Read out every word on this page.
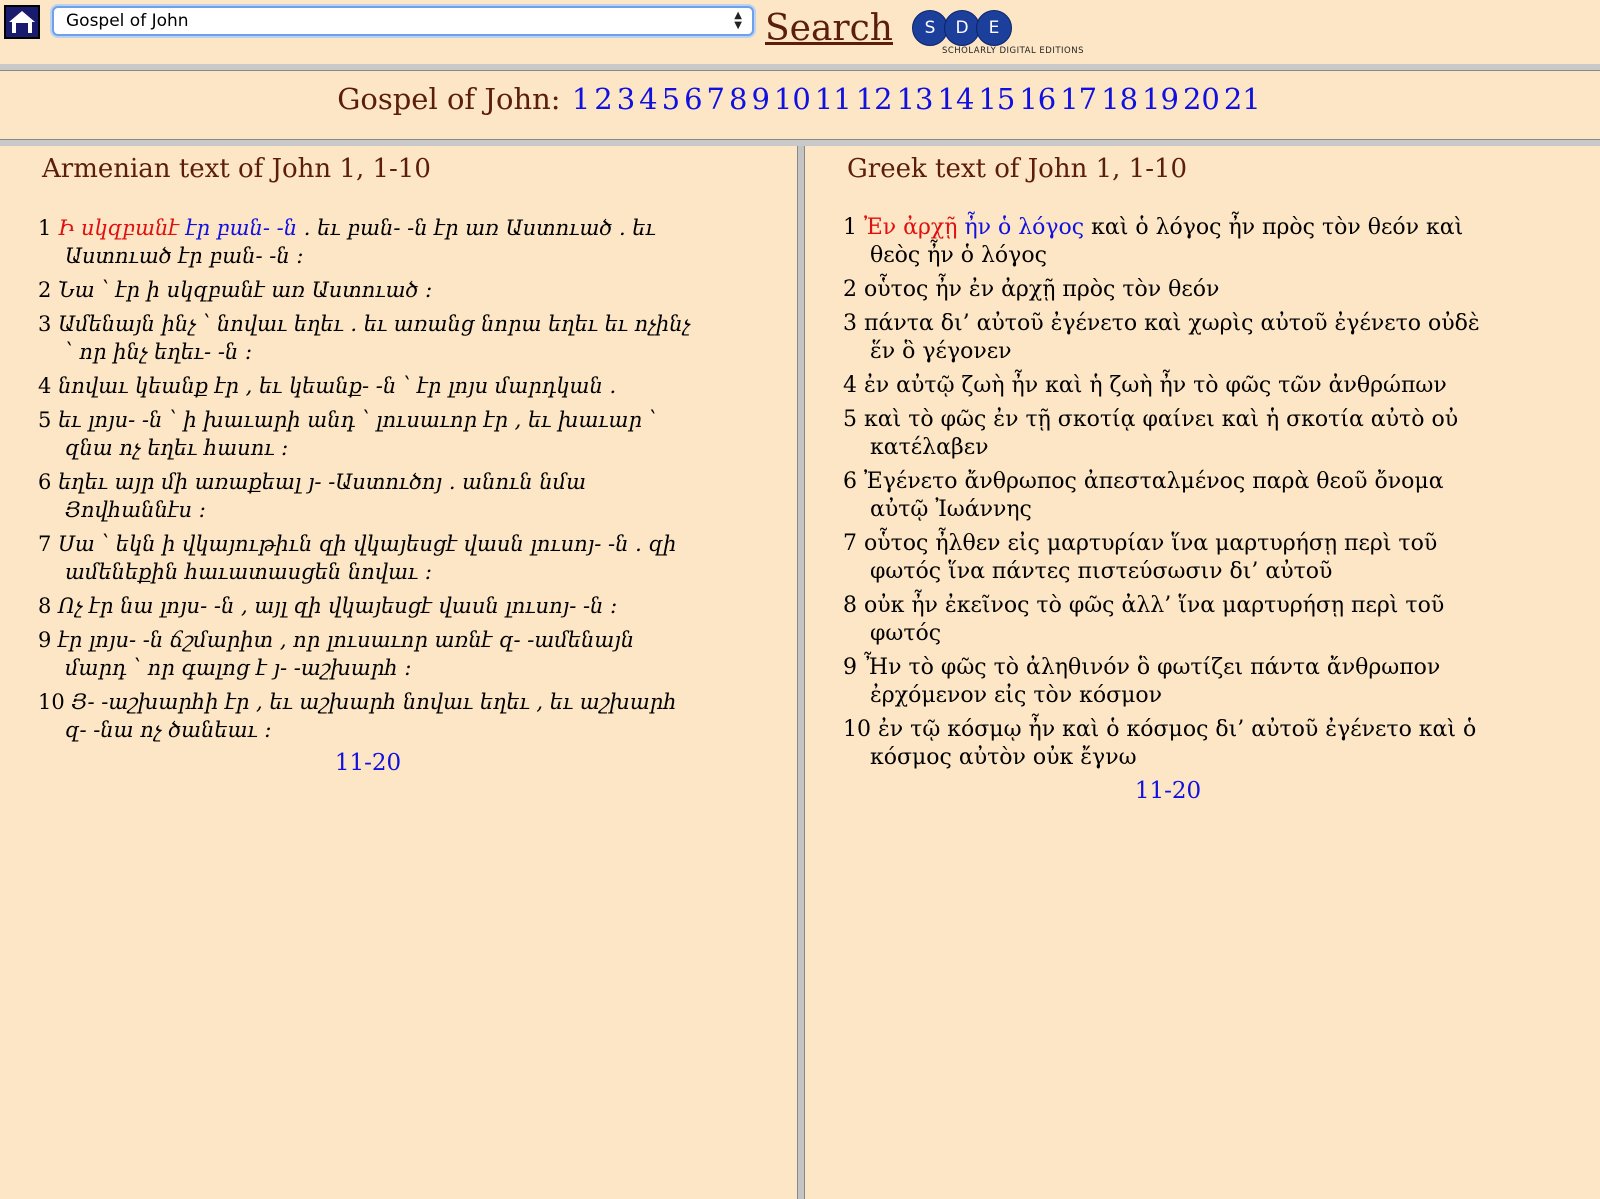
Gospel of John	▲
▼ Search	S	D	E
SCHOLARLY DIGITAL EDITIONS
Gospel of John: 1 2 3 4 5 6 7 8 9 10 11 12 13 14 15 16 17 18 19 20 21
Armenian text of John 1, 1-10
1 Ի սկզբանէ էր բան- -ն . եւ բան- -ն էր առ Աստուած . եւ Աստուած էր բան- -ն :
2 Նա ՝ էր ի սկզբանէ առ Աստուած :
3 Ամենայն ինչ ՝ նովաւ եղեւ . եւ առանց նորա եղեւ եւ ոչինչ ՝ որ ինչ եղեւ- -ն :
4 նովաւ կեանք էր , եւ կեանք- -ն ՝ էր լոյս մարդկան .
5 եւ լոյս- -ն ՝ ի խաւարի անդ ՝ լուսաւոր էր , եւ խաւար ՝ զնա ոչ եղեւ հասու :
6 եղեւ այր մի առաքեալ յ- -Աստուծոյ . անուն նմա Յովհաննէս :
7 Սա ՝ եկն ի վկայութիւն զի վկայեսցէ վասն լուսոյ- -ն . զի ամենեքին հաւատասցեն նովաւ :
8 Ոչ էր նա լոյս- -ն , այլ զի վկայեսցէ վասն լուսոյ- -ն :
9 էր լոյս- -ն ճշմարիտ , որ լուսաւոր առնէ զ- -ամենայն մարդ ՝ որ գալոց է յ- -աշխարհ :
10 Յ- -աշխարհի էր , եւ աշխարհ նովաւ եղեւ , եւ աշխարհ զ- -նա ոչ ծանեաւ :
11-20
Greek text of John 1, 1-10
1 Ἐν ἀρχῇ ἦν ὁ λόγος καὶ ὁ λόγος ἦν πρὸς τὸν θεόν καὶ θεὸς ἦν ὁ λόγος
2 οὗτος ἦν ἐν ἀρχῇ πρὸς τὸν θεόν
3 πάντα δι’ αὐτοῦ ἐγένετο καὶ χωρὶς αὐτοῦ ἐγένετο οὐδὲ ἕν ὃ γέγονεν
4 ἐν αὐτῷ ζωὴ ἦν καὶ ἡ ζωὴ ἦν τὸ φῶς τῶν ἀνθρώπων
5 καὶ τὸ φῶς ἐν τῇ σκοτίᾳ φαίνει καὶ ἡ σκοτία αὐτὸ οὐ κατέλαβεν
6 Ἐγένετο ἄνθρωπος ἀπεσταλμένος παρὰ θεοῦ ὄνομα αὐτῷ Ἰωάννης
7 οὗτος ἦλθεν εἰς μαρτυρίαν ἵνα μαρτυρήσῃ περὶ τοῦ φωτός ἵνα πάντες πιστεύσωσιν δι’ αὐτοῦ
8 οὐκ ἦν ἐκεῖνος τὸ φῶς ἀλλ’ ἵνα μαρτυρήσῃ περὶ τοῦ φωτός
9 Ἦν τὸ φῶς τὸ ἀληθινόν ὃ φωτίζει πάντα ἄνθρωπον ἐρχόμενον εἰς τὸν κόσμον
10 ἐν τῷ κόσμῳ ἦν καὶ ὁ κόσμος δι’ αὐτοῦ ἐγένετο καὶ ὁ κόσμος αὐτὸν οὐκ ἔγνω
11-20
